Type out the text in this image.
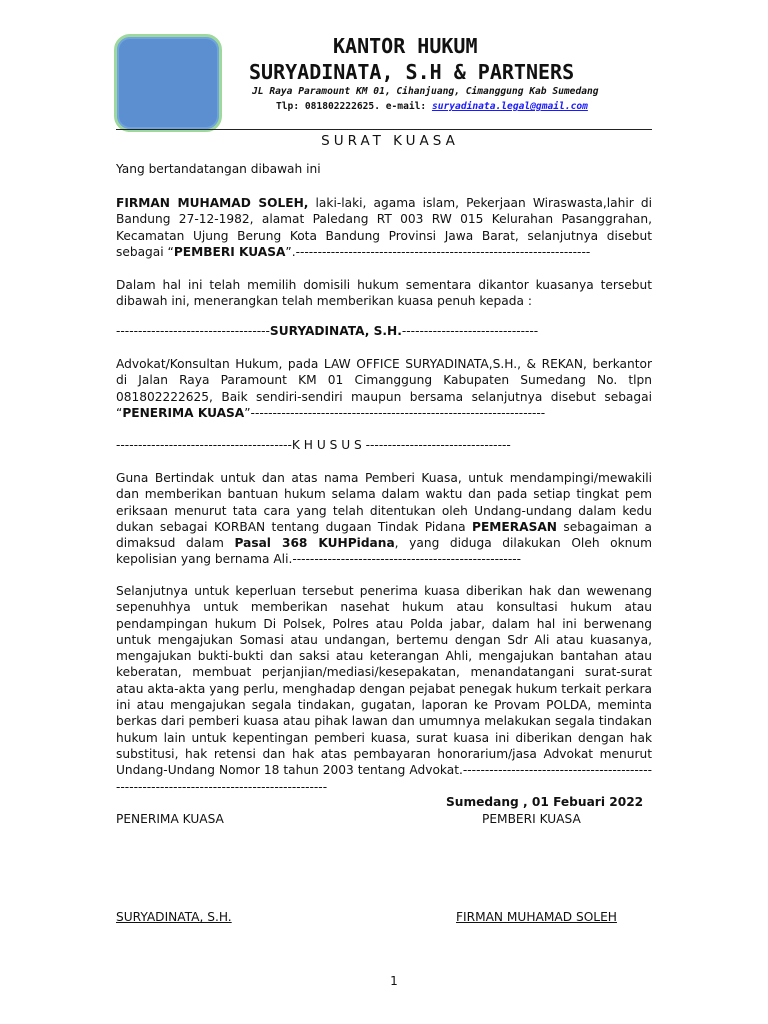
KANTOR HUKUM
SURYADINATA, S.H & PARTNERS
JL Raya Paramount KM 01, Cihanjuang, Cimanggung Kab Sumedang
Tlp: 081802222625. e-mail: suryadinata.legal@gmail.com
SURAT KUASA
Yang bertandatangan dibawah ini
FIRMAN MUHAMAD SOLEH, laki-laki, agama islam, Pekerjaan Wiraswasta,lahir di Bandung 27-12-1982, alamat Paledang RT 003 RW 015 Kelurahan Pasanggrahan, Kecamatan Ujung Berung Kota Bandung Provinsi Jawa Barat, selanjutnya disebut sebagai “PEMBERI KUASA”.-------------------------------------------------------------------
Dalam hal ini telah memilih domisili hukum sementara dikantor kuasanya tersebut dibawah ini, menerangkan telah memberikan kuasa penuh kepada :
-----------------------------------SURYADINATA, S.H.-------------------------------
Advokat/Konsultan Hukum, pada LAW OFFICE SURYADINATA,S.H., & REKAN, berkantor di Jalan Raya Paramount KM 01 Cimanggung Kabupaten Sumedang No. tlpn 081802222625, Baik sendiri-sendiri maupun bersama selanjutnya disebut sebagai “PENERIMA KUASA”-------------------------------------------------------------------
----------------------------------------K H U S U S ---------------------------------
Guna Bertindak untuk dan atas nama Pemberi Kuasa, untuk mendampingi/mewakili dan memberikan bantuan hukum selama dalam waktu dan pada setiap tingkat pem eriksaan menurut tata cara yang telah ditentukan oleh Undang-undang dalam kedu dukan sebagai KORBAN tentang dugaan Tindak Pidana PEMERASAN sebagaiman a dimaksud dalam Pasal 368 KUHPidana, yang diduga dilakukan Oleh oknum kepolisian yang bernama Ali.----------------------------------------------------
Selanjutnya untuk keperluan tersebut penerima kuasa diberikan hak dan wewenang sepenuhhya untuk memberikan nasehat hukum atau konsultasi hukum atau pendampingan hukum Di Polsek, Polres atau Polda jabar, dalam hal ini berwenang untuk mengajukan Somasi atau undangan, bertemu dengan Sdr Ali atau kuasanya, mengajukan bukti-bukti dan saksi atau keterangan Ahli, mengajukan bantahan atau keberatan, membuat perjanjian/mediasi/kesepakatan, menandatangani surat-surat atau akta-akta yang perlu, menghadap dengan pejabat penegak hukum terkait perkara ini atau mengajukan segala tindakan, gugatan, laporan ke Provam POLDA, meminta berkas dari pemberi kuasa atau pihak lawan dan umumnya melakukan segala tindakan hukum lain untuk kepentingan pemberi kuasa, surat kuasa ini diberikan dengan hak substitusi, hak retensi dan hak atas pembayaran honorarium/jasa Advokat menurut Undang-Undang Nomor 18 tahun 2003 tentang Advokat.-------------------------------------------------------------------------------------------
Sumedang , 01 Febuari 2022
PENERIMA KUASA	PEMBERI KUASA
SURYADINATA, S.H.	FIRMAN MUHAMAD SOLEH
1
